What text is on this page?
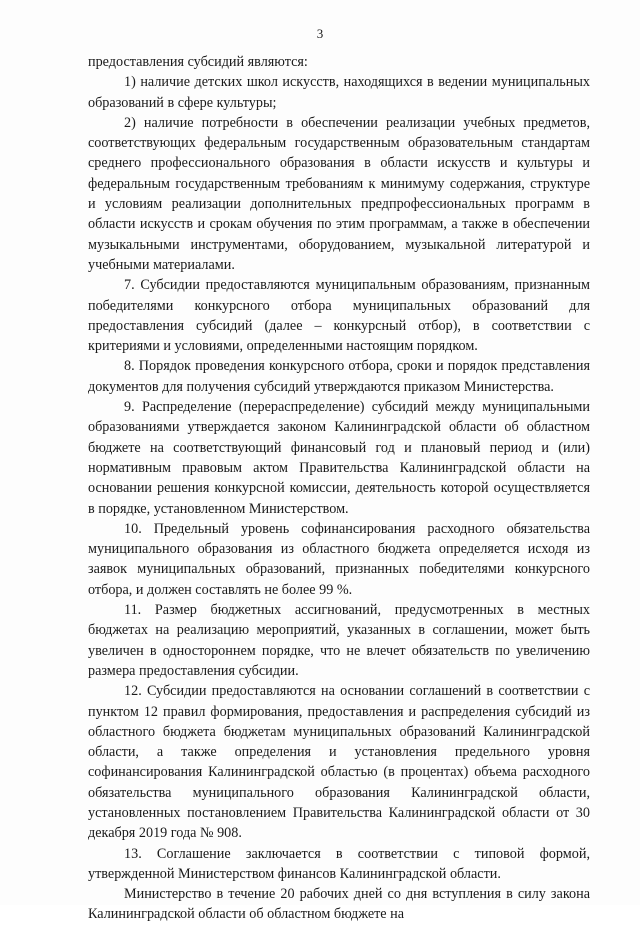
3

предоставления субсидий являются:

1) наличие детских школ искусств, находящихся в ведении муниципальных образований в сфере культуры;

2) наличие потребности в обеспечении реализации учебных предметов, соответствующих федеральным государственным образовательным стандартам среднего профессионального образования в области искусств и культуры и федеральным государственным требованиям к минимуму содержания, структуре и условиям реализации дополнительных предпрофессиональных программ в области искусств и срокам обучения по этим программам, а также в обеспечении музыкальными инструментами, оборудованием, музыкальной литературой и учебными материалами.

7. Субсидии предоставляются муниципальным образованиям, признанным победителями конкурсного отбора муниципальных образований для предоставления субсидий (далее – конкурсный отбор), в соответствии с критериями и условиями, определенными настоящим порядком.

8. Порядок проведения конкурсного отбора, сроки и порядок представления документов для получения субсидий утверждаются приказом Министерства.

9. Распределение (перераспределение) субсидий между муниципальными образованиями утверждается законом Калининградской области об областном бюджете на соответствующий финансовый год и плановый период и (или) нормативным правовым актом Правительства Калининградской области на основании решения конкурсной комиссии, деятельность которой осуществляется в порядке, установленном Министерством.

10. Предельный уровень софинансирования расходного обязательства муниципального образования из областного бюджета определяется исходя из заявок муниципальных образований, признанных победителями конкурсного отбора, и должен составлять не более 99 %.

11. Размер бюджетных ассигнований, предусмотренных в местных бюджетах на реализацию мероприятий, указанных в соглашении, может быть увеличен в одностороннем порядке, что не влечет обязательств по увеличению размера предоставления субсидии.

12. Субсидии предоставляются на основании соглашений в соответствии с пунктом 12 правил формирования, предоставления и распределения субсидий из областного бюджета бюджетам муниципальных образований Калининградской области, а также определения и установления предельного уровня софинансирования Калининградской областью (в процентах) объема расходного обязательства муниципального образования Калининградской области, установленных постановлением Правительства Калининградской области от 30 декабря 2019 года № 908.

13. Соглашение заключается в соответствии с типовой формой, утвержденной Министерством финансов Калининградской области.

Министерство в течение 20 рабочих дней со дня вступления в силу закона Калининградской области об областном бюджете на
